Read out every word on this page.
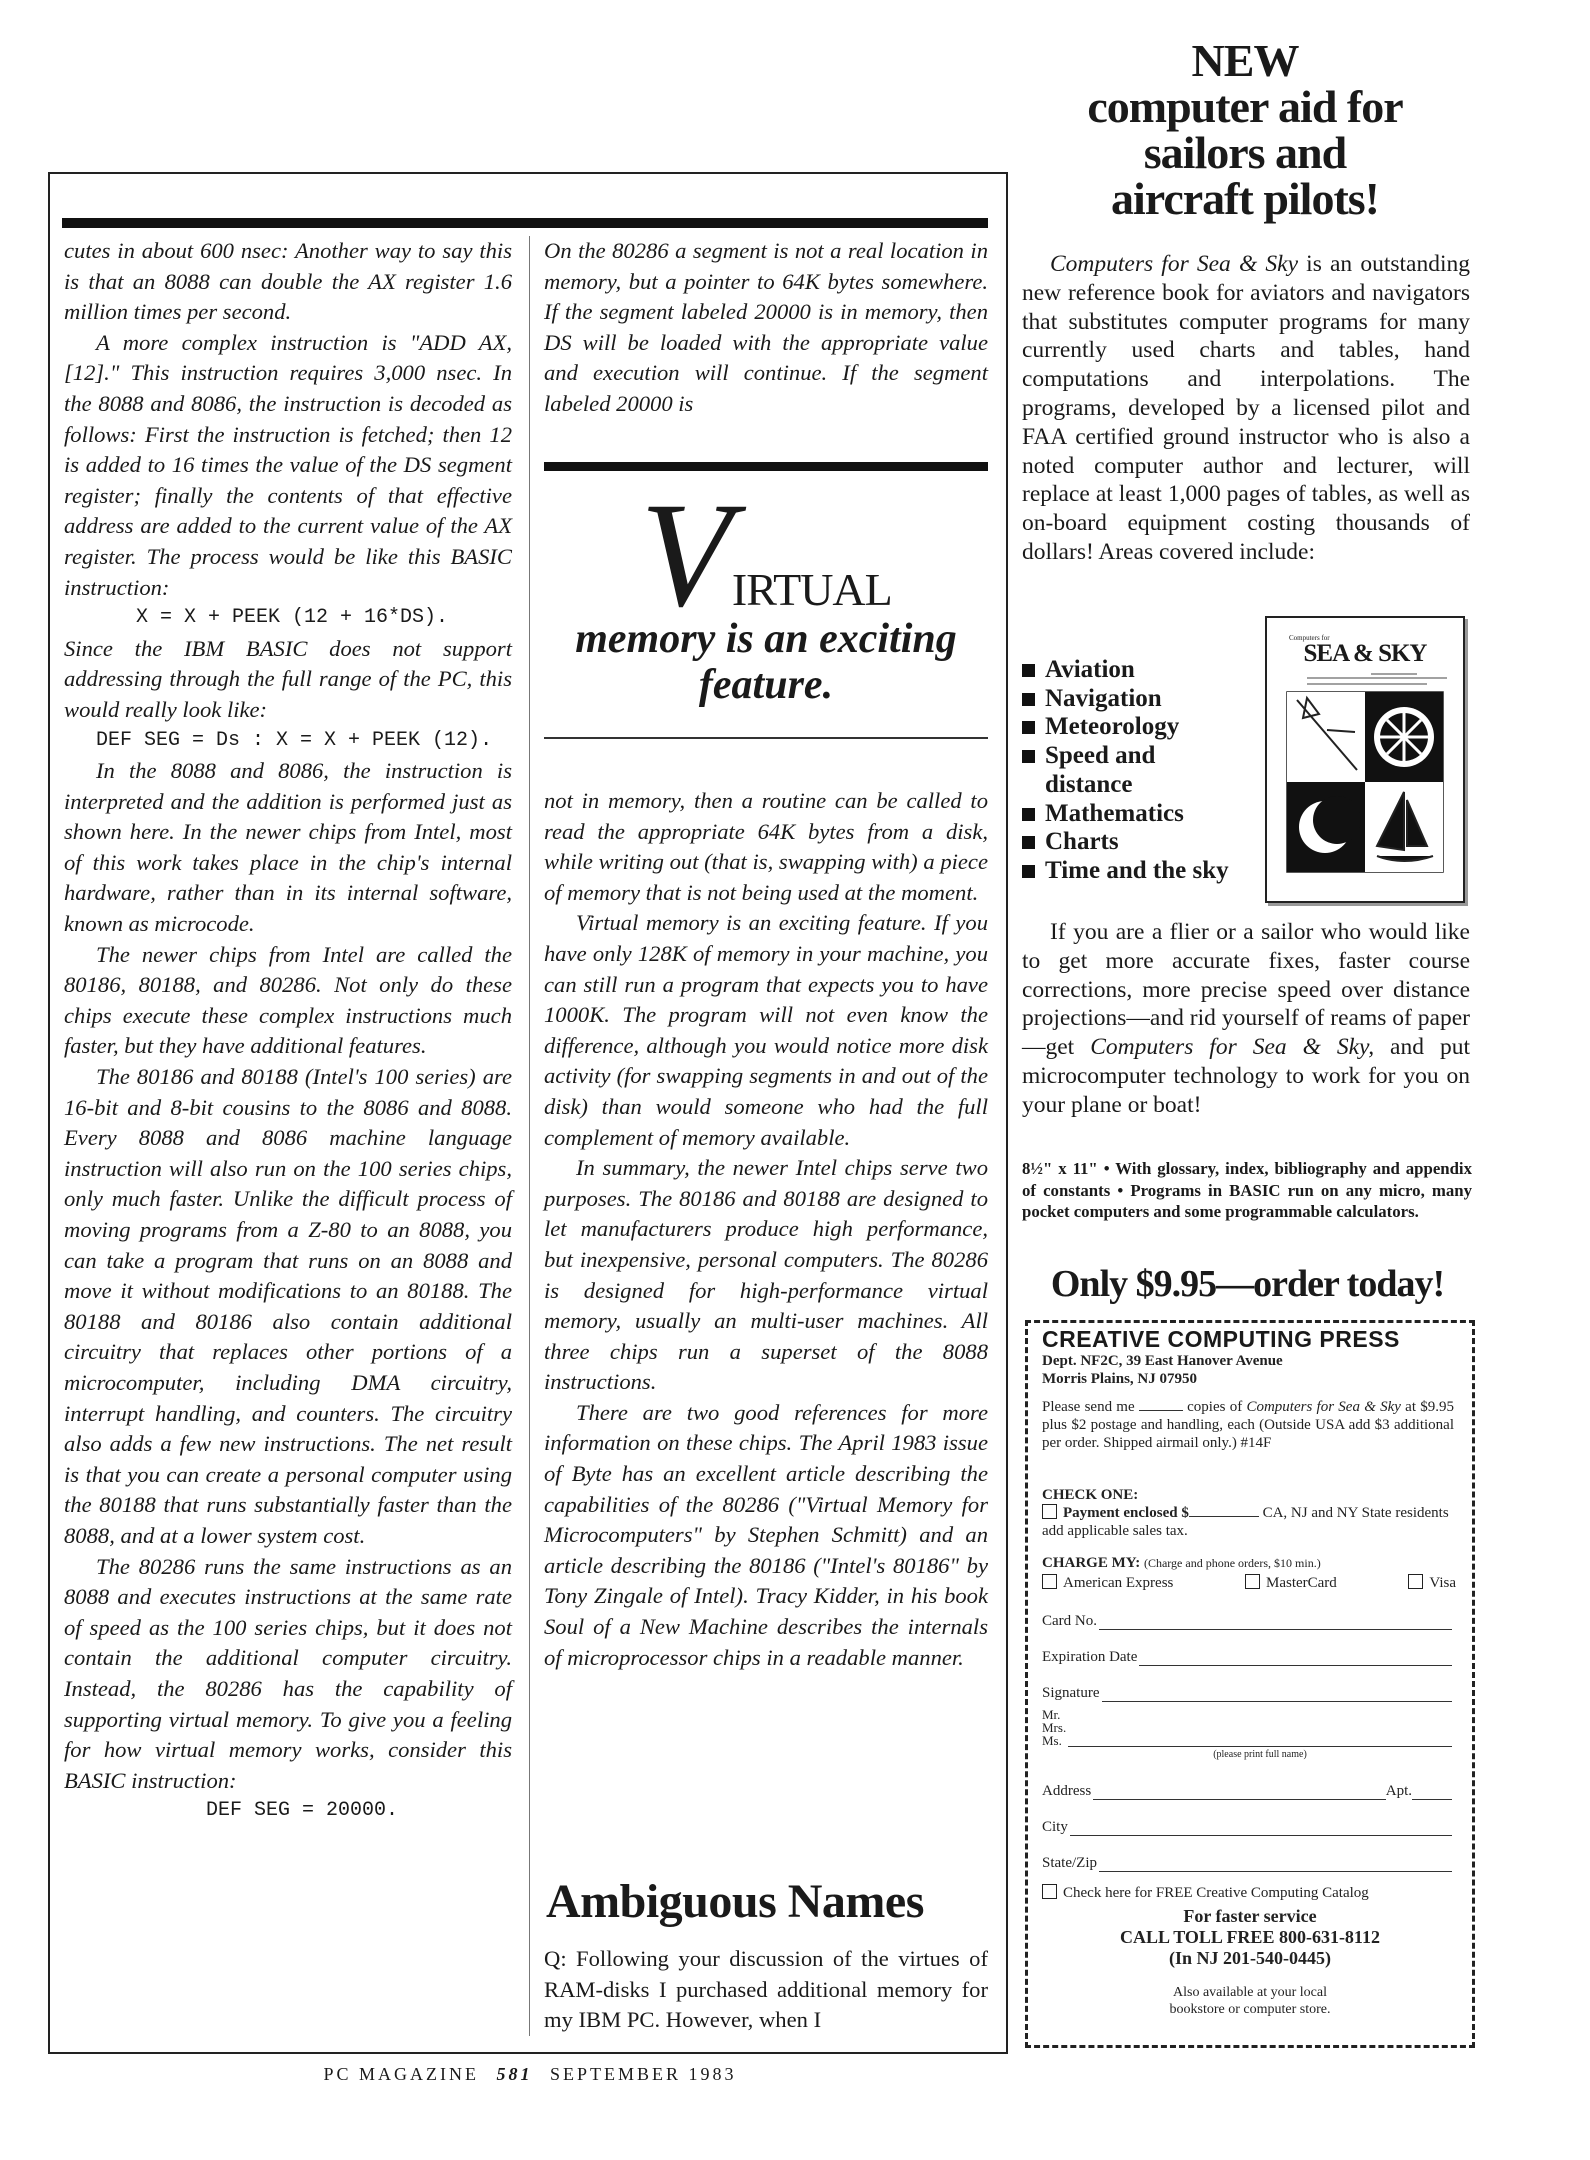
cutes in about 600 nsec: Another way to say this is that an 8088 can double the AX register 1.6 million times per second.

A more complex instruction is "ADD AX,[12]." This instruction requires 3,000 nsec. In the 8088 and 8086, the instruction is decoded as follows: First the instruction is fetched; then 12 is added to 16 times the value of the DS segment register; finally the contents of that effective address are added to the current value of the AX register. The process would be like this BASIC instruction:

X = X + PEEK (12 + 16*DS).

Since the IBM BASIC does not support addressing through the full range of the PC, this would really look like:

DEF SEG = Ds : X = X + PEEK (12).

In the 8088 and 8086, the instruction is interpreted and the addition is performed just as shown here. In the newer chips from Intel, most of this work takes place in the chip's internal hardware, rather than in its internal software, known as microcode.

The newer chips from Intel are called the 80186, 80188, and 80286. Not only do these chips execute these complex instructions much faster, but they have additional features.

The 80186 and 80188 (Intel's 100 series) are 16-bit and 8-bit cousins to the 8086 and 8088. Every 8088 and 8086 machine language instruction will also run on the 100 series chips, only much faster. Unlike the difficult process of moving programs from a Z-80 to an 8088, you can take a program that runs on an 8088 and move it without modifications to an 80188. The 80188 and 80186 also contain additional circuitry that replaces other portions of a microcomputer, including DMA circuitry, interrupt handling, and counters. The circuitry also adds a few new instructions. The net result is that you can create a personal computer using the 80188 that runs substantially faster than the 8088, and at a lower system cost.

The 80286 runs the same instructions as an 8088 and executes instructions at the same rate of speed as the 100 series chips, but it does not contain the additional computer circuitry. Instead, the 80286 has the capability of supporting virtual memory. To give you a feeling for how virtual memory works, consider this BASIC instruction:

DEF SEG = 20000.

On the 80286 a segment is not a real location in memory, but a pointer to 64K bytes somewhere. If the segment labeled 20000 is in memory, then DS will be loaded with the appropriate value and execution will continue. If the segment labeled 20000 is

VIRTUAL
memory is an exciting
feature.

not in memory, then a routine can be called to read the appropriate 64K bytes from a disk, while writing out (that is, swapping with) a piece of memory that is not being used at the moment.

Virtual memory is an exciting feature. If you have only 128K of memory in your machine, you can still run a program that expects you to have 1000K. The program will not even know the difference, although you would notice more disk activity (for swapping segments in and out of the disk) than would someone who had the full complement of memory available.

In summary, the newer Intel chips serve two purposes. The 80186 and 80188 are designed to let manufacturers produce high performance, but inexpensive, personal computers. The 80286 is designed for high-performance virtual memory, usually an multi-user machines. All three chips run a superset of the 8088 instructions.

There are two good references for more information on these chips. The April 1983 issue of Byte has an excellent article describing the capabilities of the 80286 ("Virtual Memory for Microcomputers" by Stephen Schmitt) and an article describing the 80186 ("Intel's 80186" by Tony Zingale of Intel). Tracy Kidder, in his book Soul of a New Machine describes the internals of microprocessor chips in a readable manner.

Ambiguous Names

Q: Following your discussion of the virtues of RAM-disks I purchased additional memory for my IBM PC. However, when I

NEW
computer aid for
sailors and
aircraft pilots!
Computers for Sea & Sky is an outstanding new reference book for aviators and navigators that substitutes computer programs for many currently used charts and tables, hand computations and interpolations. The programs, developed by a licensed pilot and FAA certified ground instructor who is also a noted computer author and lecturer, will replace at least 1,000 pages of tables, as well as on-board equipment costing thousands of dollars! Areas covered include:
Aviation
Navigation
Meteorology
Speed and distance
Mathematics
Charts
Time and the sky
Computers for
SEA & SKY
If you are a flier or a sailor who would like to get more accurate fixes, faster course corrections, more precise speed over distance projections—and rid yourself of reams of paper—get Computers for Sea & Sky, and put microcomputer technology to work for you on your plane or boat!
8½" x 11" • With glossary, index, bibliography and appendix of constants • Programs in BASIC run on any micro, many pocket computers and some programmable calculators.
Only $9.95—order today!
CREATIVE COMPUTING PRESS
Dept. NF2C, 39 East Hanover Avenue
Morris Plains, NJ 07950
Please send me	copies of Computers for Sea & Sky at $9.95 plus $2 postage and handling, each (Outside USA add $3 additional per order. Shipped airmail only.) #14F
CHECK ONE:
Payment enclosed $	CA, NJ and NY State residents add applicable sales tax.
CHARGE MY: (Charge and phone orders, $10 min.)
American Express	MasterCard	Visa
Card No.
Expiration Date
Signature
Mr.
Mrs.
Ms.
(please print full name)
Address	Apt.
City
State/Zip
Check here for FREE Creative Computing Catalog
For faster service
CALL TOLL FREE 800-631-8112
(In NJ 201-540-0445)
Also available at your local
bookstore or computer store.
PC MAGAZINE 581 SEPTEMBER 1983
